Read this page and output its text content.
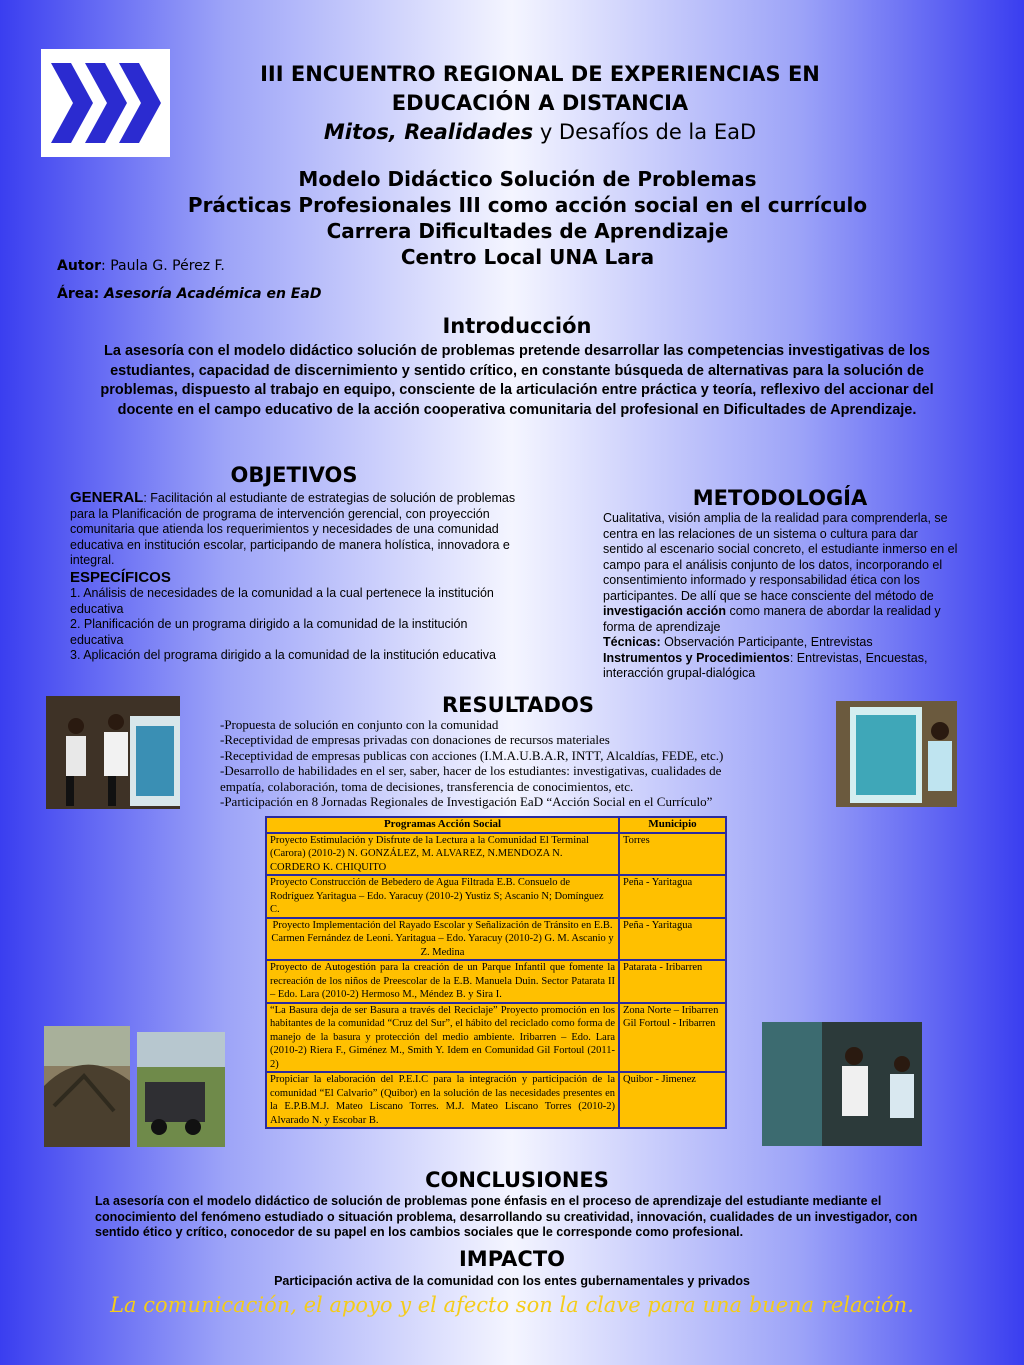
III ENCUENTRO REGIONAL DE EXPERIENCIAS EN
EDUCACIÓN A DISTANCIA
Mitos, Realidades y Desafíos de la EaD
Modelo Didáctico Solución de Problemas
Prácticas Profesionales III como acción social en el currículo
Carrera Dificultades de Aprendizaje
Centro Local UNA Lara
Autor: Paula G. Pérez F.
Área: Asesoría Académica en EaD
Introducción
La asesoría con el modelo didáctico solución de problemas pretende desarrollar las competencias investigativas de los estudiantes, capacidad de discernimiento y sentido crítico, en constante búsqueda de alternativas para la solución de problemas, dispuesto al trabajo en equipo, consciente de la articulación entre práctica y teoría, reflexivo del accionar del docente en el campo educativo de la acción cooperativa comunitaria del profesional en Dificultades de Aprendizaje.
OBJETIVOS
GENERAL: Facilitación al estudiante de estrategias de solución de problemas para la Planificación de programa de intervención gerencial, con proyección comunitaria que atienda los requerimientos y necesidades de una comunidad educativa en institución escolar, participando de manera holística, innovadora e integral.
ESPECÍFICOS
1. Análisis de necesidades de la comunidad a la cual pertenece la institución educativa
2. Planificación de un programa dirigido a la comunidad de la institución educativa
3. Aplicación del programa dirigido a la comunidad de la institución educativa
METODOLOGÍA
Cualitativa, visión amplia de la realidad para comprenderla, se centra en las relaciones de un sistema o cultura para dar sentido al escenario social concreto, el estudiante inmerso en el campo para el análisis conjunto de los datos, incorporando el consentimiento informado y responsabilidad ética con los participantes. De allí que se hace consciente del método de investigación acción como manera de abordar la realidad y forma de aprendizaje
Técnicas: Observación Participante, Entrevistas
Instrumentos y Procedimientos: Entrevistas, Encuestas, interacción grupal-dialógica
RESULTADOS
-Propuesta de solución en conjunto con la comunidad
-Receptividad de empresas privadas con donaciones de recursos materiales
-Receptividad de empresas publicas con acciones (I.M.A.U.B.A.R, INTT, Alcaldías, FEDE, etc.)
-Desarrollo de habilidades en el ser, saber, hacer de los estudiantes: investigativas, cualidades de
empatía, colaboración, toma de decisiones, transferencia de conocimientos, etc.
-Participación en 8 Jornadas Regionales de Investigación EaD “Acción Social en el Currículo”
Programas Acción Social	Municipio
Proyecto Estimulación y Disfrute de la Lectura a la Comunidad El Terminal (Carora) (2010-2) N. GONZÁLEZ, M. ALVAREZ, N.MENDOZA N. CORDERO K. CHIQUITO	Torres
Proyecto Construcción de Bebedero de Agua Filtrada E.B. Consuelo de Rodríguez Yaritagua – Edo. Yaracuy (2010-2) Yustiz S; Ascanio N; Domínguez C.	Peña - Yaritagua
Proyecto Implementación del Rayado Escolar y Señalización de Tránsito en E.B. Carmen Fernández de Leoni. Yaritagua – Edo. Yaracuy (2010-2) G. M. Ascanio y Z. Medina	Peña - Yaritagua
Proyecto de Autogestión para la creación de un Parque Infantil que fomente la recreación de los niños de Preescolar de la E.B. Manuela Duin. Sector Patarata II – Edo. Lara (2010-2) Hermoso M., Méndez B. y Sira I.	Patarata - Iribarren
“La Basura deja de ser Basura a través del Reciclaje” Proyecto promoción en los habitantes de la comunidad “Cruz del Sur”, el hábito del reciclado como forma de manejo de la basura y protección del medio ambiente. Iribarren – Edo. Lara (2010-2) Riera F., Giménez M., Smith Y. Idem en Comunidad Gil Fortoul (2011-2)	Zona Norte – Iribarren Gil Fortoul - Iribarren
Propiciar la elaboración del P.E.I.C para la integración y participación de la comunidad “El Calvario” (Quibor) en la solución de las necesidades presentes en la E.P.B.M.J. Mateo Liscano Torres. M.J. Mateo Liscano Torres (2010-2) Alvarado N. y Escobar B.	Quibor - Jimenez
CONCLUSIONES
La asesoría con el modelo didáctico de solución de problemas pone énfasis en el proceso de aprendizaje del estudiante mediante el conocimiento del fenómeno estudiado o situación problema, desarrollando su creatividad, innovación, cualidades de un investigador, con sentido ético y crítico, conocedor de su papel en los cambios sociales que le corresponde como profesional.
IMPACTO
Participación activa de la comunidad con los entes gubernamentales y privados
La comunicación, el apoyo y el afecto son la clave para una buena relación.
